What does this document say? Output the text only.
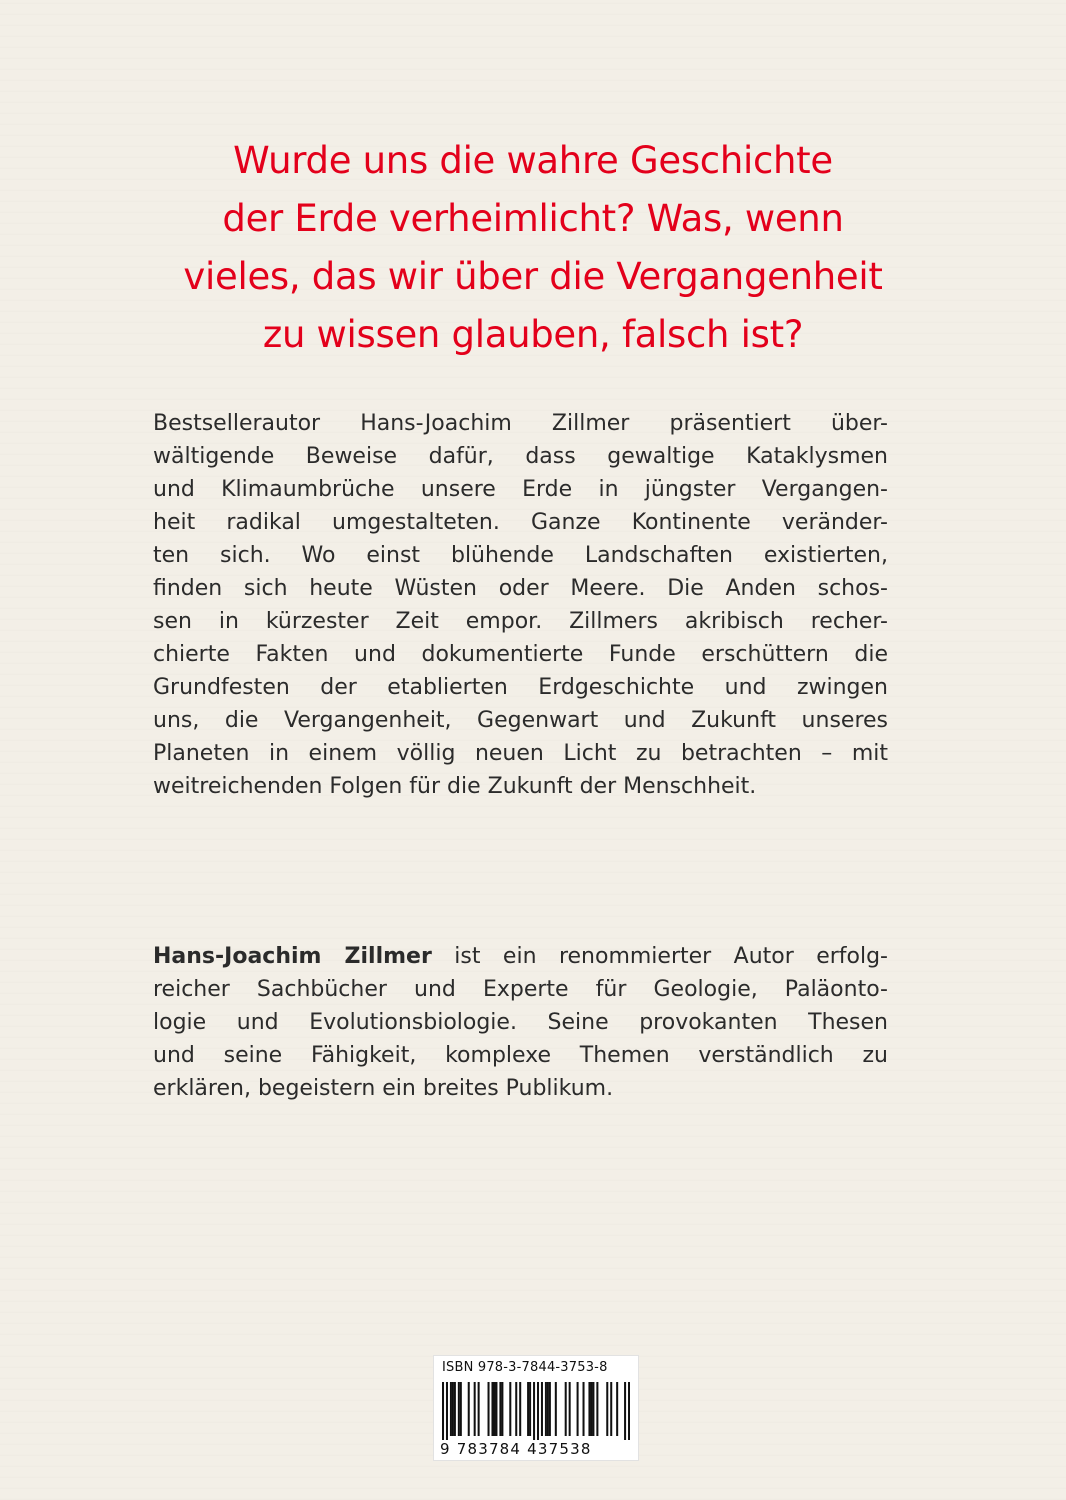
Wurde uns die wahre Geschichte
der Erde verheimlicht? Was, wenn
vieles, das wir über die Vergangenheit
zu wissen glauben, falsch ist?
Bestsellerautor Hans-Joachim Zillmer präsentiert über-
wältigende Beweise dafür, dass gewaltige Kataklysmen
und Klimaumbrüche unsere Erde in jüngster Vergangen-
heit radikal umgestalteten. Ganze Kontinente veränder-
ten sich. Wo einst blühende Landschaften existierten,
finden sich heute Wüsten oder Meere. Die Anden schos-
sen in kürzester Zeit empor. Zillmers akribisch recher-
chierte Fakten und dokumentierte Funde erschüttern die
Grundfesten der etablierten Erdgeschichte und zwingen
uns, die Vergangenheit, Gegenwart und Zukunft unseres
Planeten in einem völlig neuen Licht zu betrachten – mit
weitreichenden Folgen für die Zukunft der Menschheit.
Hans-Joachim Zillmer ist ein renommierter Autor erfolg-
reicher Sachbücher und Experte für Geologie, Paläonto-
logie und Evolutionsbiologie. Seine provokanten Thesen
und seine Fähigkeit, komplexe Themen verständlich zu
erklären, begeistern ein breites Publikum.
ISBN 978-3-7844-3753-8
9 783784 437538
